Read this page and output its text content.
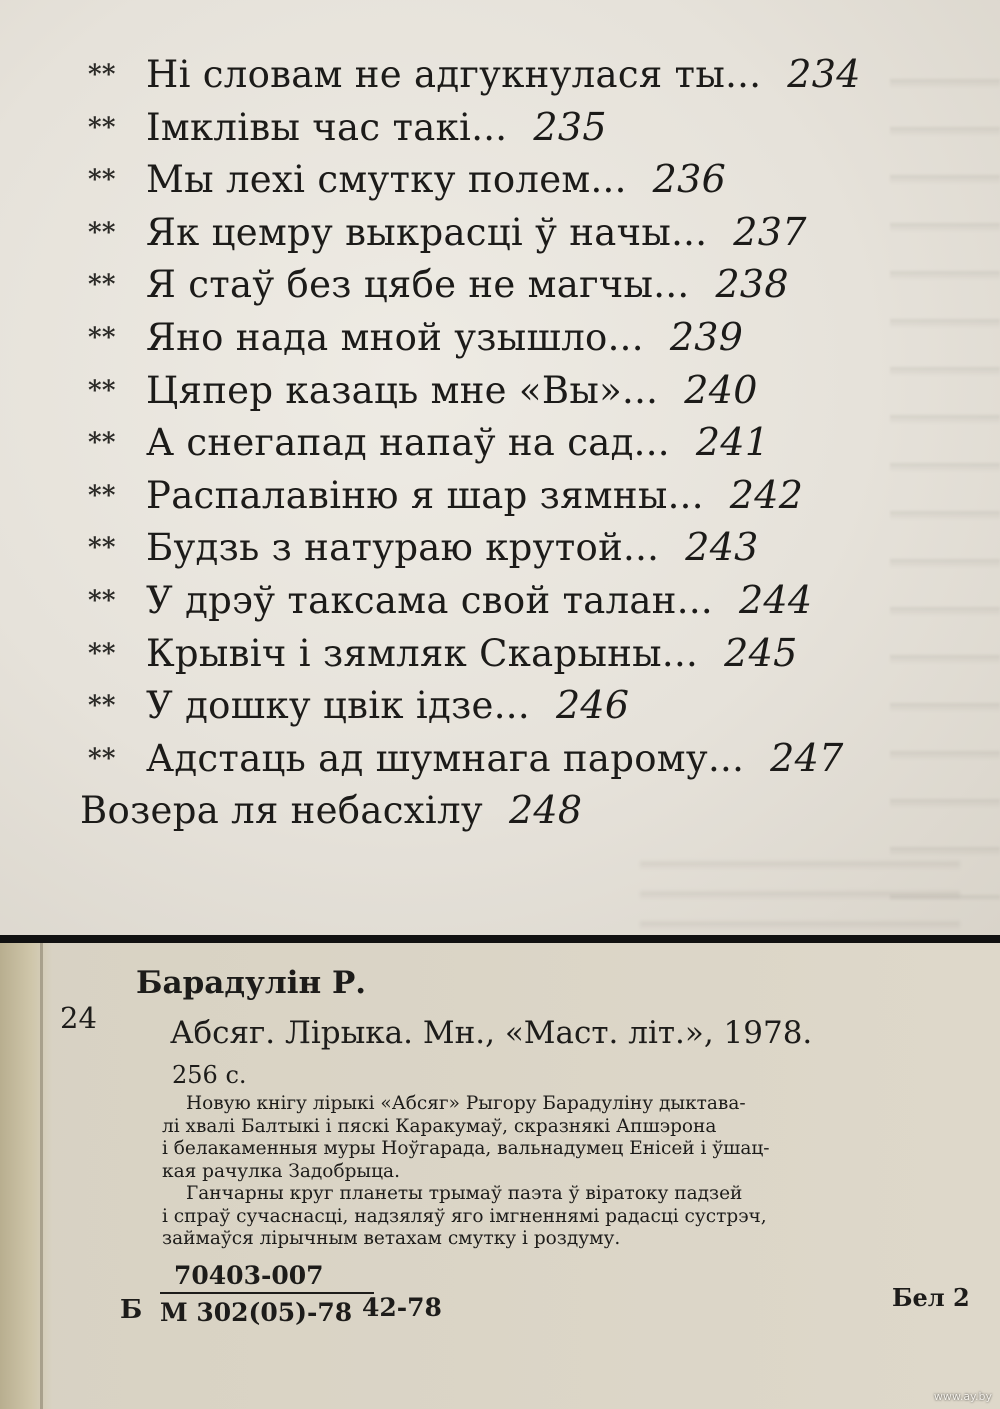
** Ні словам не адгукнулася ты... 234
** Імклівы час такі... 235
** Мы лехі смутку полем... 236
** Як цемру выкрасці ў начы... 237
** Я стаў без цябе не магчы... 238
** Яно нада мной узышло... 239
** Цяпер казаць мне «Вы»... 240
** А снегапад напаў на сад... 241
** Распалавіню я шар зямны... 242
** Будзь з натураю крутой... 243
** У дрэў таксама свой талан... 244
** Крывіч і зямляк Скарыны... 245
** У дошку цвік ідзе... 246
** Адстаць ад шумнага парому... 247
Возера ля небасхілу 248
24
Барадулін Р.
Абсяг. Лірыка. Мн., «Маст. літ.», 1978.
256 с.

Новую кнігу лірыкі «Абсяг» Рыгору Барадуліну дыктава-

лі хвалі Балтыкі і пяскі Каракумаў, скразнякі Апшэрона

і белакаменныя муры Ноўгарада, вальнадумец Енісей і ўшац-

кая рачулка Задобрыца.

Ганчарны круг планеты трымаў паэта ў віратоку падзей

і спраў сучаснасці, надзяляў яго імгненнямі радасці сустрэч,

займаўся лірычным ветахам смутку і роздуму.

Б
70403-007
М 302(05)-78 42-78	Бел 2
www.ay.by
